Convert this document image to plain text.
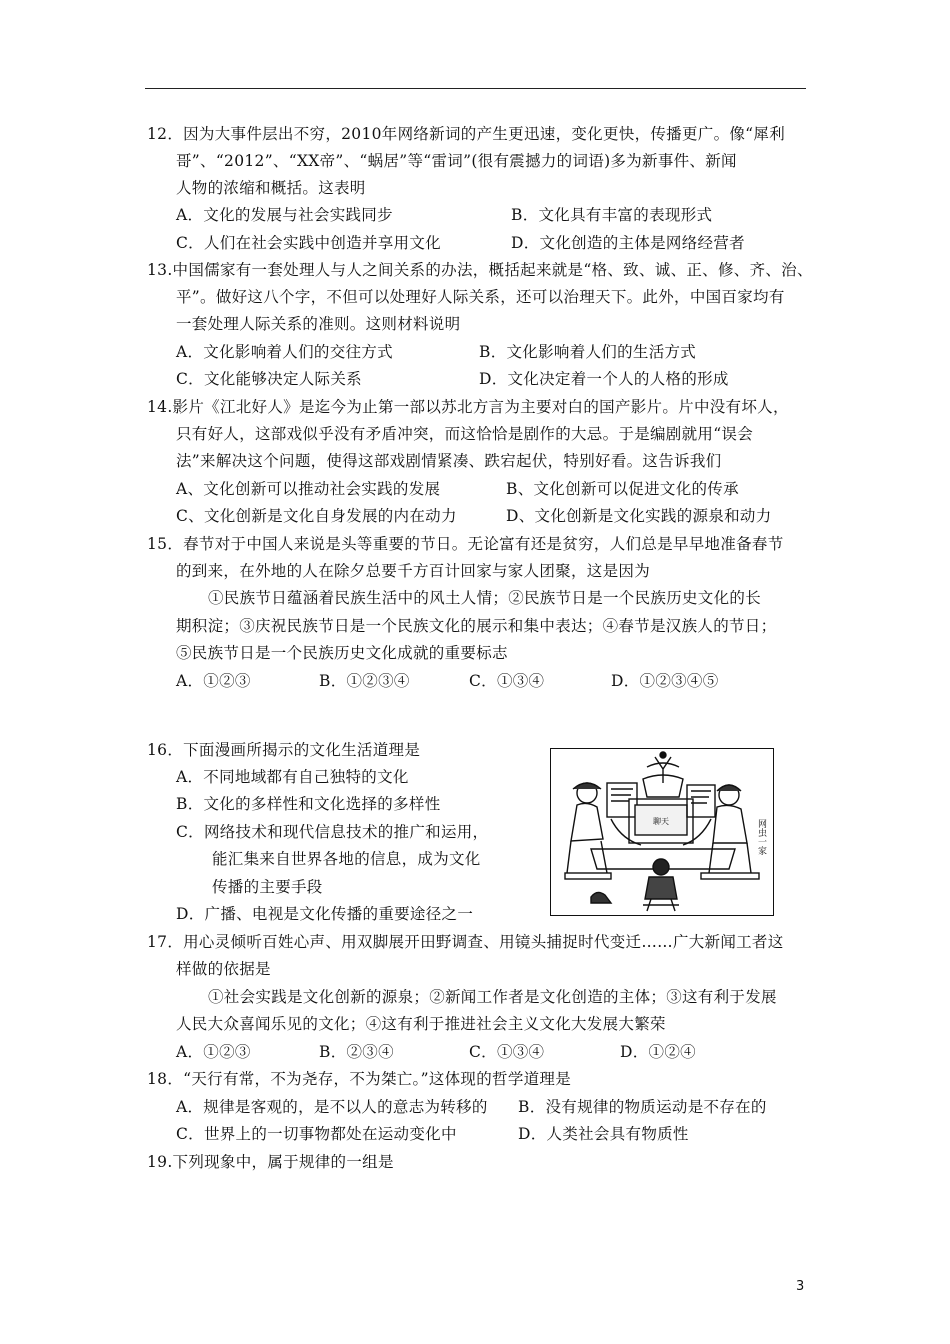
12．因为大事件层出不穷，2010年网络新词的产生更迅速，变化更快，传播更广。像“犀利
哥”、“2012”、“XX帝”、“蜗居”等“雷词”(很有震撼力的词语)多为新事件、新闻
人物的浓缩和概括。这表明
A．文化的发展与社会实践同步	B．文化具有丰富的表现形式
C．人们在社会实践中创造并享用文化	D．文化创造的主体是网络经营者
13.中国儒家有一套处理人与人之间关系的办法，概括起来就是“格、致、诚、正、修、齐、治、
平”。做好这八个字，不但可以处理好人际关系，还可以治理天下。此外，中国百家均有
一套处理人际关系的准则。这则材料说明
A．文化影响着人们的交往方式	B．文化影响着人们的生活方式
C．文化能够决定人际关系	D．文化决定着一个人的人格的形成
14.影片《江北好人》是迄今为止第一部以苏北方言为主要对白的国产影片。片中没有坏人，
只有好人，这部戏似乎没有矛盾冲突，而这恰恰是剧作的大忌。于是编剧就用“误会
法”来解决这个问题，使得这部戏剧情紧凑、跌宕起伏，特别好看。这告诉我们
A、文化创新可以推动社会实践的发展	B、文化创新可以促进文化的传承
C、文化创新是文化自身发展的内在动力	D、文化创新是文化实践的源泉和动力
15．春节对于中国人来说是头等重要的节日。无论富有还是贫穷，人们总是早早地准备春节
的到来，在外地的人在除夕总要千方百计回家与家人团聚，这是因为
①民族节日蕴涵着民族生活中的风土人情；②民族节日是一个民族历史文化的长
期积淀；③庆祝民族节日是一个民族文化的展示和集中表达；④春节是汉族人的节日；
⑤民族节日是一个民族历史文化成就的重要标志
A．①②③	B．①②③④	C．①③④	D．①②③④⑤
16．下面漫画所揭示的文化生活道理是
A．不同地域都有自己独特的文化
B．文化的多样性和文化选择的多样性
C．网络技术和现代信息技术的推广和运用，
能汇集来自世界各地的信息，成为文化
传播的主要手段
D．广播、电视是文化传播的重要途径之一
聊天	网虫一家
17．用心灵倾听百姓心声、用双脚展开田野调查、用镜头捕捉时代变迁……广大新闻工者这
样做的依据是
①社会实践是文化创新的源泉；②新闻工作者是文化创造的主体；③这有利于发展
人民大众喜闻乐见的文化；④这有利于推进社会主义文化大发展大繁荣
A．①②③	B．②③④	C．①③④	D．①②④
18．“天行有常，不为尧存，不为桀亡。”这体现的哲学道理是
A．规律是客观的，是不以人的意志为转移的 B．没有规律的物质运动是不存在的
C．世界上的一切事物都处在运动变化中	D．人类社会具有物质性
19.下列现象中，属于规律的一组是
3
